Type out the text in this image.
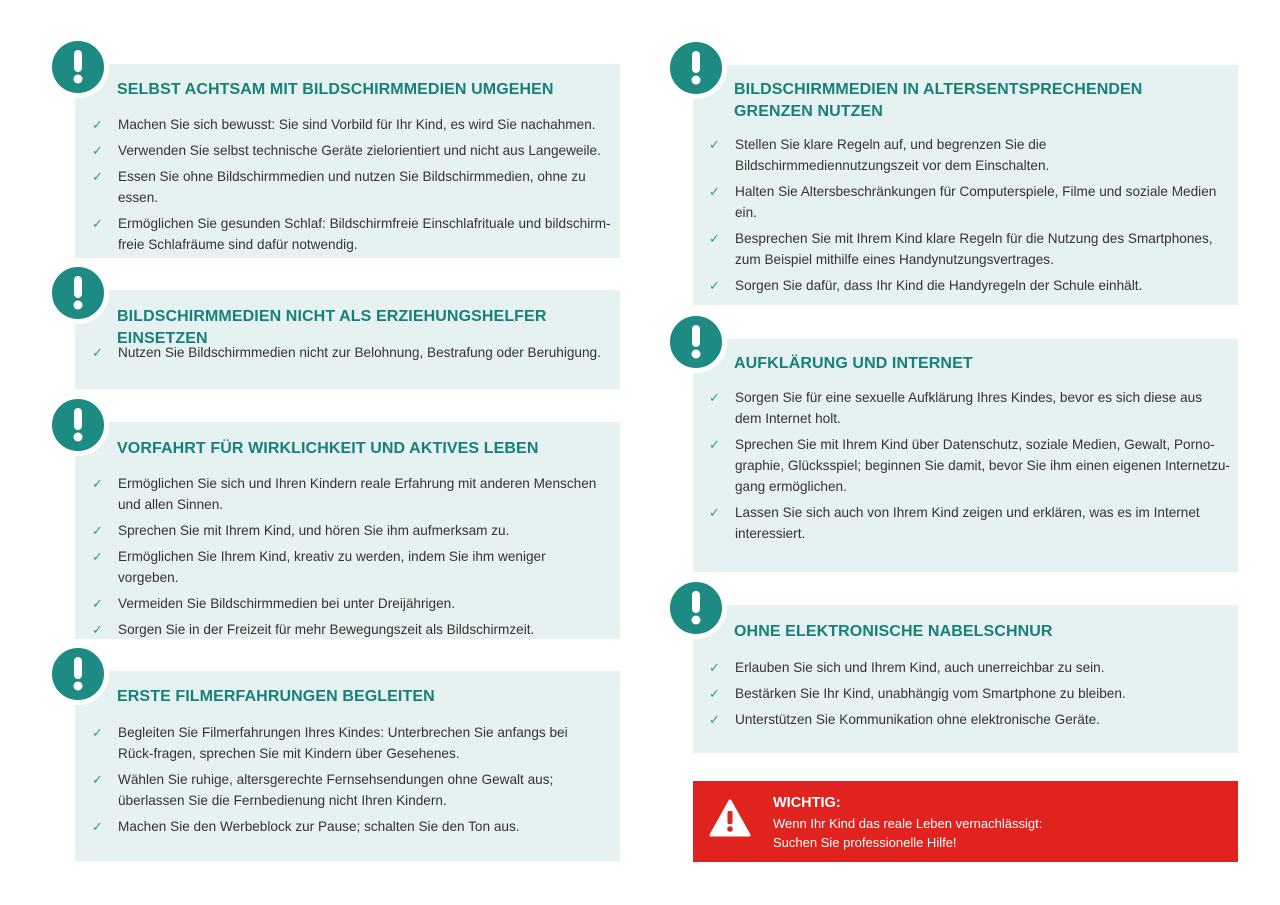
SELBST ACHTSAM MIT BILDSCHIRMMEDIEN UMGEHEN
✓ Machen Sie sich bewusst: Sie sind Vorbild für Ihr Kind, es wird Sie nachahmen.
✓ Verwenden Sie selbst technische Geräte zielorientiert und nicht aus Langeweile.
✓ Essen Sie ohne Bildschirmmedien und nutzen Sie Bildschirmmedien, ohne zu essen.
✓ Ermöglichen Sie gesunden Schlaf: Bildschirmfreie Einschlafrituale und bildschirm-freie Schlafräume sind dafür notwendig.
BILDSCHIRMMEDIEN NICHT ALS ERZIEHUNGSHELFER EINSETZEN
✓ Nutzen Sie Bildschirmmedien nicht zur Belohnung, Bestrafung oder Beruhigung.
VORFAHRT FÜR WIRKLICHKEIT UND AKTIVES LEBEN
✓ Ermöglichen Sie sich und Ihren Kindern reale Erfahrung mit anderen Menschen und allen Sinnen.
✓ Sprechen Sie mit Ihrem Kind, und hören Sie ihm aufmerksam zu.
✓ Ermöglichen Sie Ihrem Kind, kreativ zu werden, indem Sie ihm weniger vorgeben.
✓ Vermeiden Sie Bildschirmmedien bei unter Dreijährigen.
✓ Sorgen Sie in der Freizeit für mehr Bewegungszeit als Bildschirmzeit.
ERSTE FILMERFAHRUNGEN BEGLEITEN
✓ Begleiten Sie Filmerfahrungen Ihres Kindes: Unterbrechen Sie anfangs bei Rück-fragen, sprechen Sie mit Kindern über Gesehenes.
✓ Wählen Sie ruhige, altersgerechte Fernsehsendungen ohne Gewalt aus; überlassen Sie die Fernbedienung nicht Ihren Kindern.
✓ Machen Sie den Werbeblock zur Pause; schalten Sie den Ton aus.
BILDSCHIRMMEDIEN IN ALTERSENTSPRECHENDEN GRENZEN NUTZEN
✓ Stellen Sie klare Regeln auf, und begrenzen Sie die Bildschirmmediennutzungszeit vor dem Einschalten.
✓ Halten Sie Altersbeschränkungen für Computerspiele, Filme und soziale Medien ein.
✓ Besprechen Sie mit Ihrem Kind klare Regeln für die Nutzung des Smartphones, zum Beispiel mithilfe eines Handynutzungsvertrages.
✓ Sorgen Sie dafür, dass Ihr Kind die Handyregeln der Schule einhält.
AUFKLÄRUNG UND INTERNET
✓ Sorgen Sie für eine sexuelle Aufklärung Ihres Kindes, bevor es sich diese aus dem Internet holt.
✓ Sprechen Sie mit Ihrem Kind über Datenschutz, soziale Medien, Gewalt, Porno-graphie, Glücksspiel; beginnen Sie damit, bevor Sie ihm einen eigenen Internetzu-gang ermöglichen.
✓ Lassen Sie sich auch von Ihrem Kind zeigen und erklären, was es im Internet interessiert.
OHNE ELEKTRONISCHE NABELSCHNUR
✓ Erlauben Sie sich und Ihrem Kind, auch unerreichbar zu sein.
✓ Bestärken Sie Ihr Kind, unabhängig vom Smartphone zu bleiben.
✓ Unterstützen Sie Kommunikation ohne elektronische Geräte.
WICHTIG:
Wenn Ihr Kind das reale Leben vernachlässigt:
Suchen Sie professionelle Hilfe!
